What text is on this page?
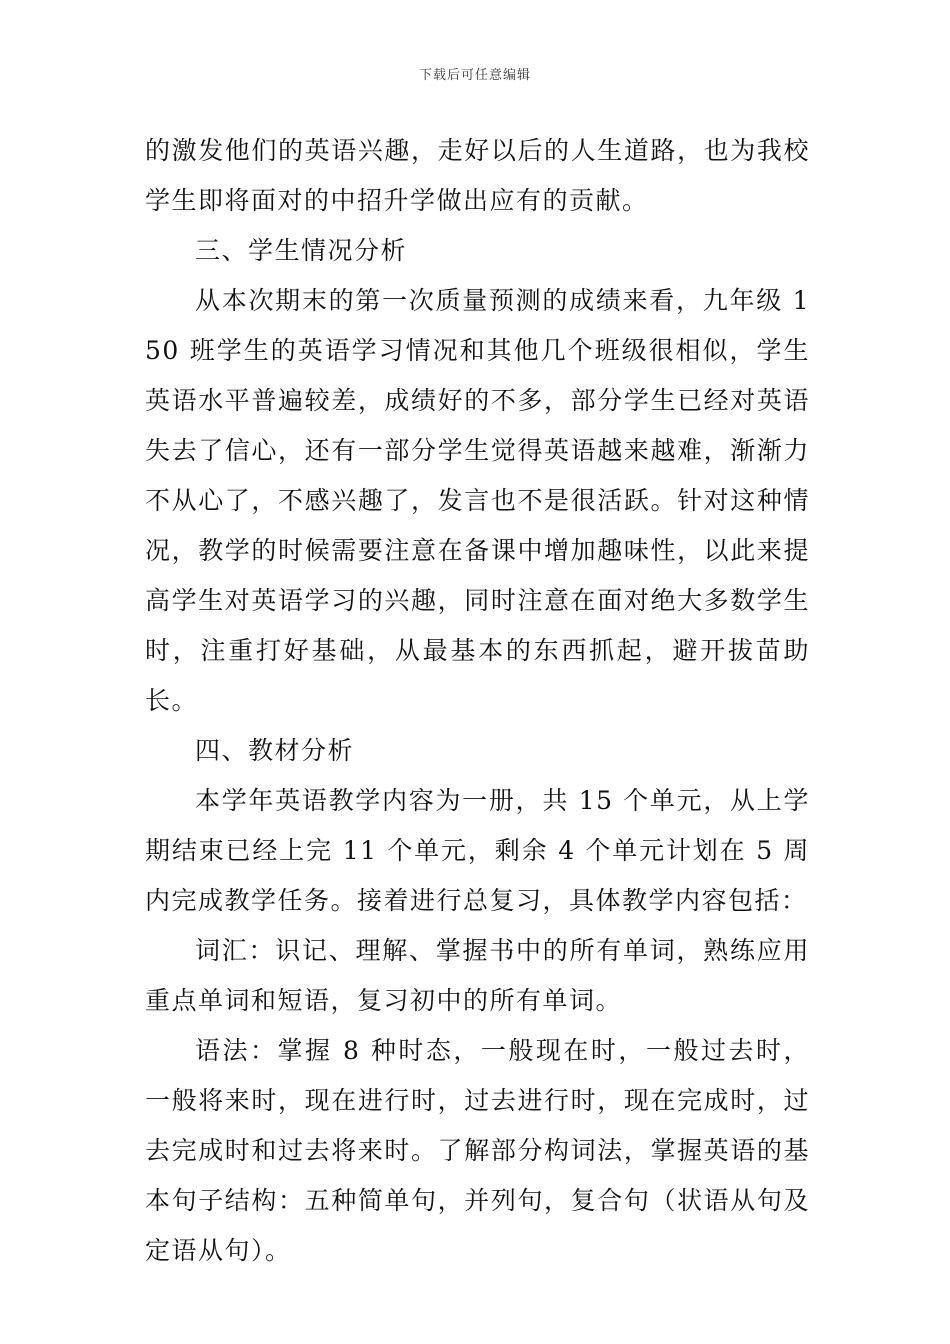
下载后可任意编辑

的激发他们的英语兴趣，走好以后的人生道路，也为我校学生即将面对的中招升学做出应有的贡献。

三、学生情况分析

从本次期末的第一次质量预测的成绩来看，九年级 150 班学生的英语学习情况和其他几个班级很相似，学生英语水平普遍较差，成绩好的不多，部分学生已经对英语失去了信心，还有一部分学生觉得英语越来越难，渐渐力不从心了，不感兴趣了，发言也不是很活跃。针对这种情况，教学的时候需要注意在备课中增加趣味性，以此来提高学生对英语学习的兴趣，同时注意在面对绝大多数学生时，注重打好基础，从最基本的东西抓起，避开拔苗助长。

四、教材分析

本学年英语教学内容为一册，共 15 个单元，从上学期结束已经上完 11 个单元，剩余 4 个单元计划在 5 周内完成教学任务。接着进行总复习，具体教学内容包括：

词汇：识记、理解、掌握书中的所有单词，熟练应用重点单词和短语，复习初中的所有单词。

语法：掌握 8 种时态，一般现在时，一般过去时，一般将来时，现在进行时，过去进行时，现在完成时，过去完成时和过去将来时。了解部分构词法，掌握英语的基本句子结构：五种简单句，并列句，复合句（状语从句及定语从句）。
